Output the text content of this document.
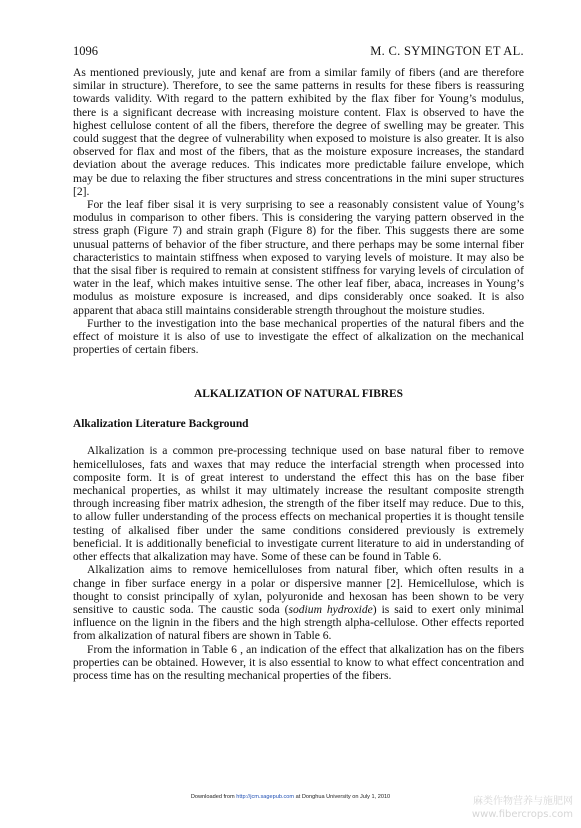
1096	M. C. SYMINGTON ET AL.

As mentioned previously, jute and kenaf are from a similar family of fibers (and are therefore similar in structure). Therefore, to see the same patterns in results for these fibers is reassuring towards validity. With regard to the pattern exhibited by the flax fiber for Young’s modulus, there is a significant decrease with increasing moisture content. Flax is observed to have the highest cellulose content of all the fibers, therefore the degree of swelling may be greater. This could suggest that the degree of vulnerability when exposed to moisture is also greater. It is also observed for flax and most of the fibers, that as the moisture exposure increases, the standard deviation about the average reduces. This indicates more predictable failure envelope, which may be due to relaxing the fiber structures and stress concentrations in the mini super structures [2].

For the leaf fiber sisal it is very surprising to see a reasonably consistent value of Young’s modulus in comparison to other fibers. This is considering the varying pattern observed in the stress graph (Figure 7) and strain graph (Figure 8) for the fiber. This suggests there are some unusual patterns of behavior of the fiber structure, and there perhaps may be some internal fiber characteristics to maintain stiffness when exposed to varying levels of moisture. It may also be that the sisal fiber is required to remain at consistent stiffness for varying levels of circulation of water in the leaf, which makes intuitive sense. The other leaf fiber, abaca, increases in Young’s modulus as moisture exposure is increased, and dips considerably once soaked. It is also apparent that abaca still maintains considerable strength throughout the moisture studies.

Further to the investigation into the base mechanical properties of the natural fibers and the effect of moisture it is also of use to investigate the effect of alkalization on the mechanical properties of certain fibers.

ALKALIZATION OF NATURAL FIBRES
Alkalization Literature Background

Alkalization is a common pre-processing technique used on base natural fiber to remove hemicelluloses, fats and waxes that may reduce the interfacial strength when processed into composite form. It is of great interest to understand the effect this has on the base fiber mechanical properties, as whilst it may ultimately increase the resultant composite strength through increasing fiber matrix adhesion, the strength of the fiber itself may reduce. Due to this, to allow fuller understanding of the process effects on mechanical properties it is thought tensile testing of alkalised fiber under the same conditions considered previously is extremely beneficial. It is additionally beneficial to investigate current literature to aid in understanding of other effects that alkalization may have. Some of these can be found in Table 6.

Alkalization aims to remove hemicelluloses from natural fiber, which often results in a change in fiber surface energy in a polar or dispersive manner [2]. Hemicellulose, which is thought to consist principally of xylan, polyuronide and hexosan has been shown to be very sensitive to caustic soda. The caustic soda (sodium hydroxide) is said to exert only minimal influence on the lignin in the fibers and the high strength alpha-cellulose. Other effects reported from alkalization of natural fibers are shown in Table 6.

From the information in Table 6 , an indication of the effect that alkalization has on the fibers properties can be obtained. However, it is also essential to know to what effect concentration and process time has on the resulting mechanical properties of the fibers.

Downloaded from http://jcm.sagepub.com at Donghua University on July 1, 2010	麻类作物营养与施肥网
www.fibercrops.com
